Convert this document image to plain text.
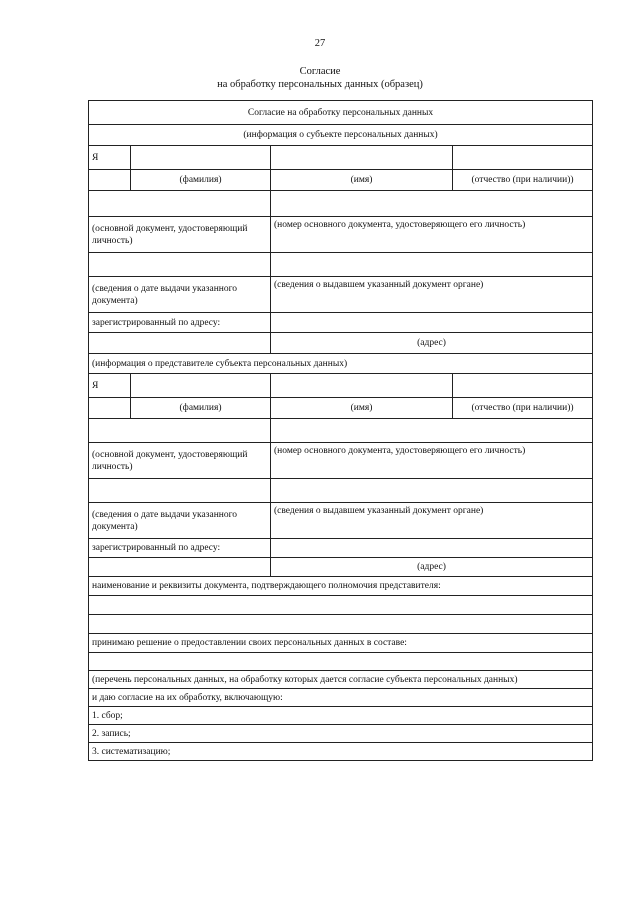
27
Согласие
на обработку персональных данных (образец)
Согласие на обработку персональных данных			
(информация о субъекте персональных данных)			
Я			
	(фамилия)	(имя)	(отчество (при наличии))

(основной документ, удостоверяющий личность)		(номер основного документа, удостоверяющего его личность)	

(сведения о дате выдачи указанного документа)		(сведения о выдавшем указанный документ органе)	
зарегистрированный по адресу:			
		(адрес)	
(информация о представителе субъекта персональных данных)			
Я			
	(фамилия)	(имя)	(отчество (при наличии))

(основной документ, удостоверяющий личность)		(номер основного документа, удостоверяющего его личность)	

(сведения о дате выдачи указанного документа)		(сведения о выдавшем указанный документ органе)	
зарегистрированный по адресу:			
		(адрес)	
наименование и реквизиты документа, подтверждающего полномочия представителя:			

принимаю решение о предоставлении своих персональных данных в составе:			

(перечень персональных данных, на обработку которых дается согласие субъекта персональных данных)			
и даю согласие на их обработку, включающую:			
1. сбор;			
2. запись;			
3. систематизацию;			
